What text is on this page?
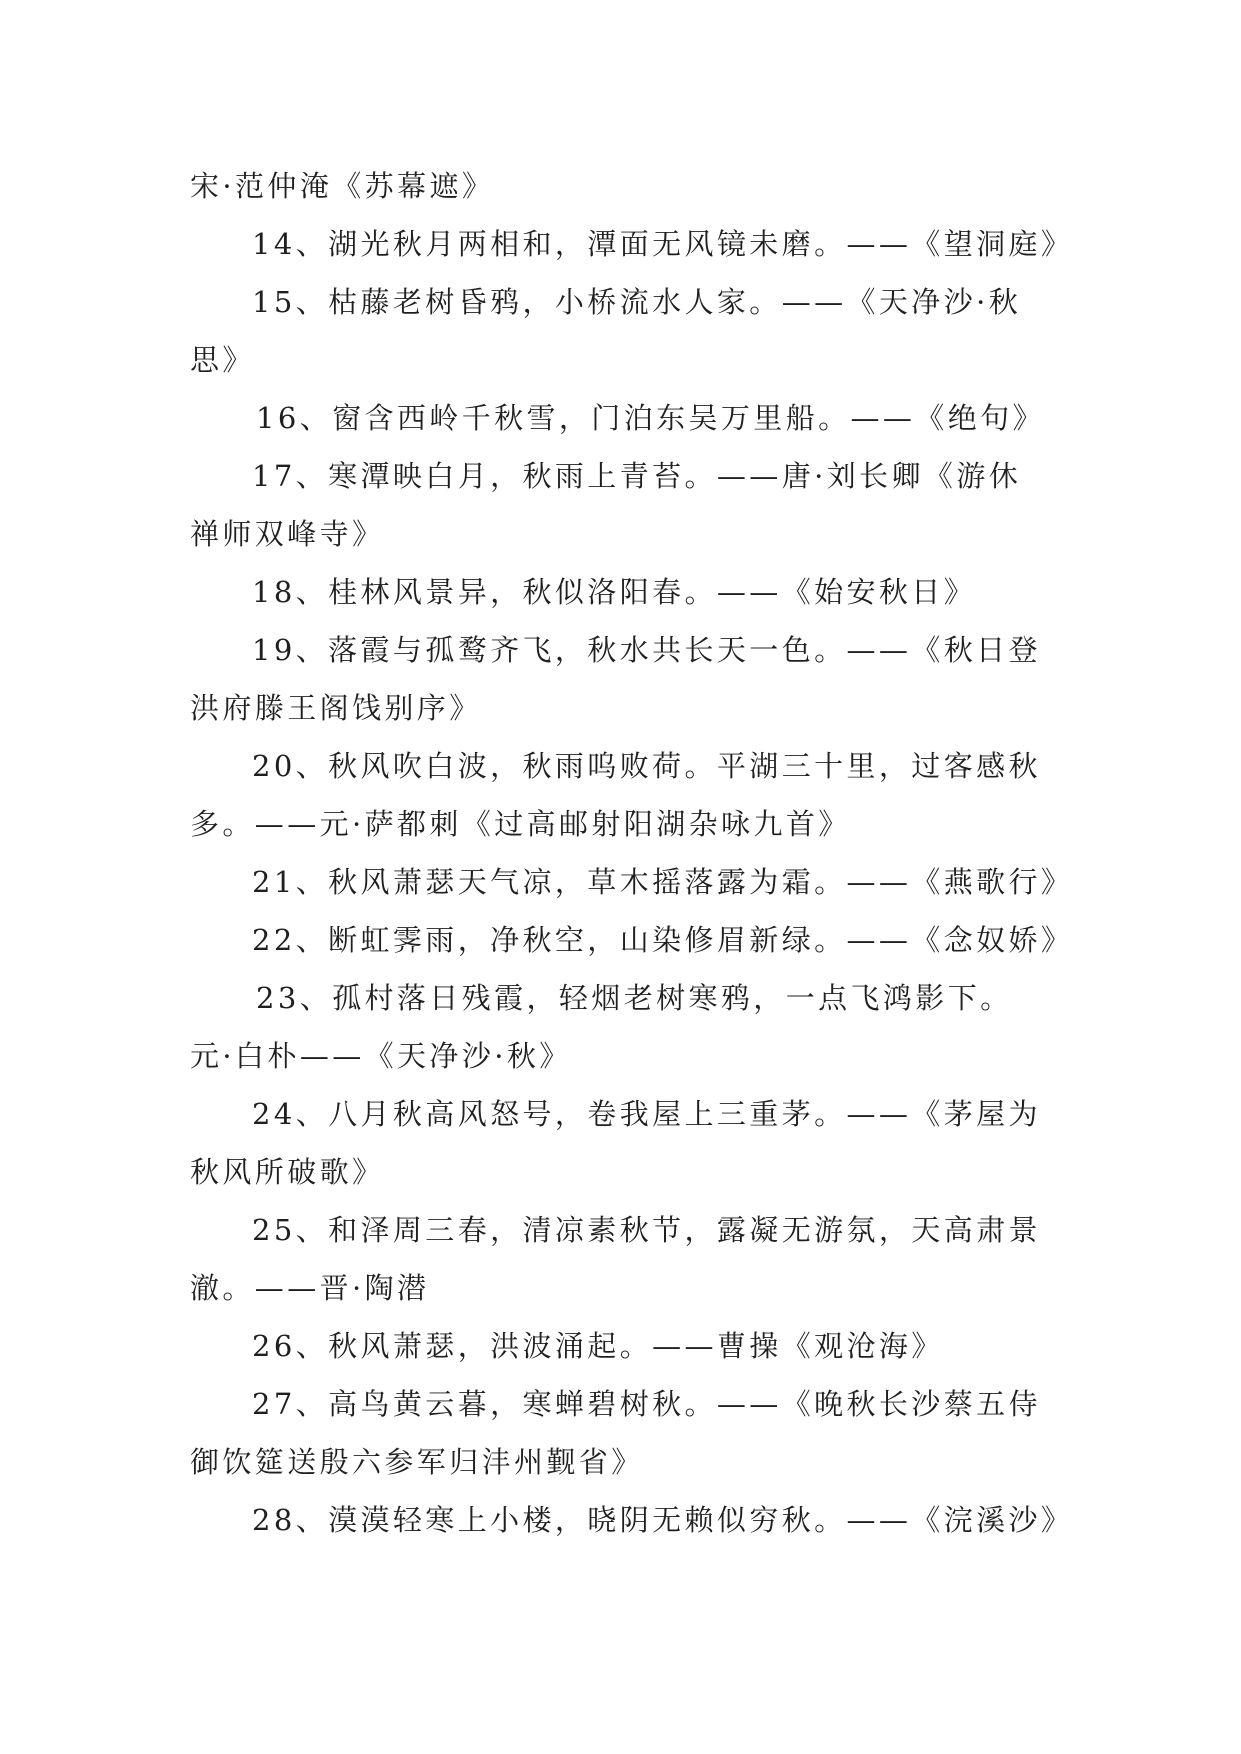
宋·范仲淹《苏幕遮》
14、湖光秋月两相和，潭面无风镜未磨。——《望洞庭》
15、枯藤老树昏鸦，小桥流水人家。——《天净沙·秋
思》
16、窗含西岭千秋雪，门泊东吴万里船。——《绝句》
17、寒潭映白月，秋雨上青苔。——唐·刘长卿《游休
禅师双峰寺》
18、桂林风景异，秋似洛阳春。——《始安秋日》
19、落霞与孤鹜齐飞，秋水共长天一色。——《秋日登
洪府滕王阁饯别序》
20、秋风吹白波，秋雨呜败荷。平湖三十里，过客感秋
多。——元·萨都刺《过高邮射阳湖杂咏九首》
21、秋风萧瑟天气凉，草木摇落露为霜。——《燕歌行》
22、断虹霁雨，净秋空，山染修眉新绿。——《念奴娇》
23、孤村落日残霞，轻烟老树寒鸦，一点飞鸿影下。
元·白朴——《天净沙·秋》
24、八月秋高风怒号，卷我屋上三重茅。——《茅屋为
秋风所破歌》
25、和泽周三春，清凉素秋节，露凝无游氛，天高肃景
澈。——晋·陶潜
26、秋风萧瑟，洪波涌起。——曹操《观沧海》
27、高鸟黄云暮，寒蝉碧树秋。——《晚秋长沙蔡五侍
御饮筵送殷六参军归沣州觐省》
28、漠漠轻寒上小楼，晓阴无赖似穷秋。——《浣溪沙》
